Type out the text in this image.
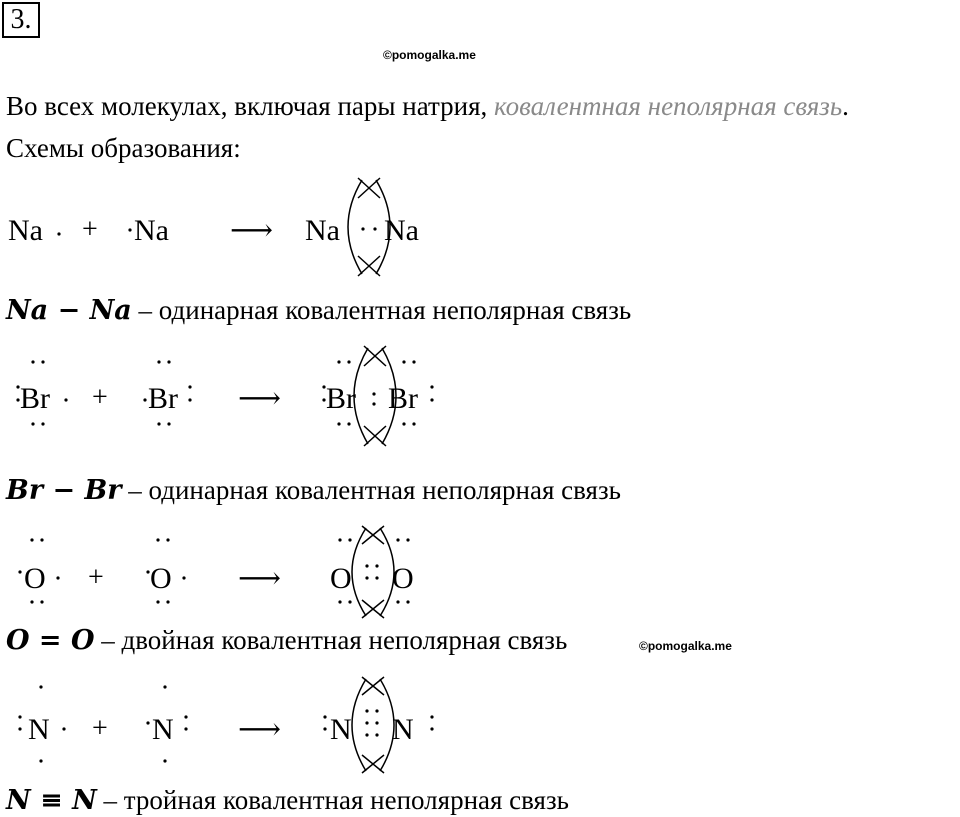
3.
©pomogalka.me
Во всех молекулах, включая пары натрия, ковалентная неполярная связь.
Схемы образования:
Na + Na ⟶ Na Na
Na − Na – одинарная ковалентная неполярная связь
Br + Br ⟶ Br Br
Br − Br – одинарная ковалентная неполярная связь
O + O ⟶ O O
O = O – двойная ковалентная неполярная связь	©pomogalka.me
N + N ⟶ N N
N ≡ N – тройная ковалентная неполярная связь
